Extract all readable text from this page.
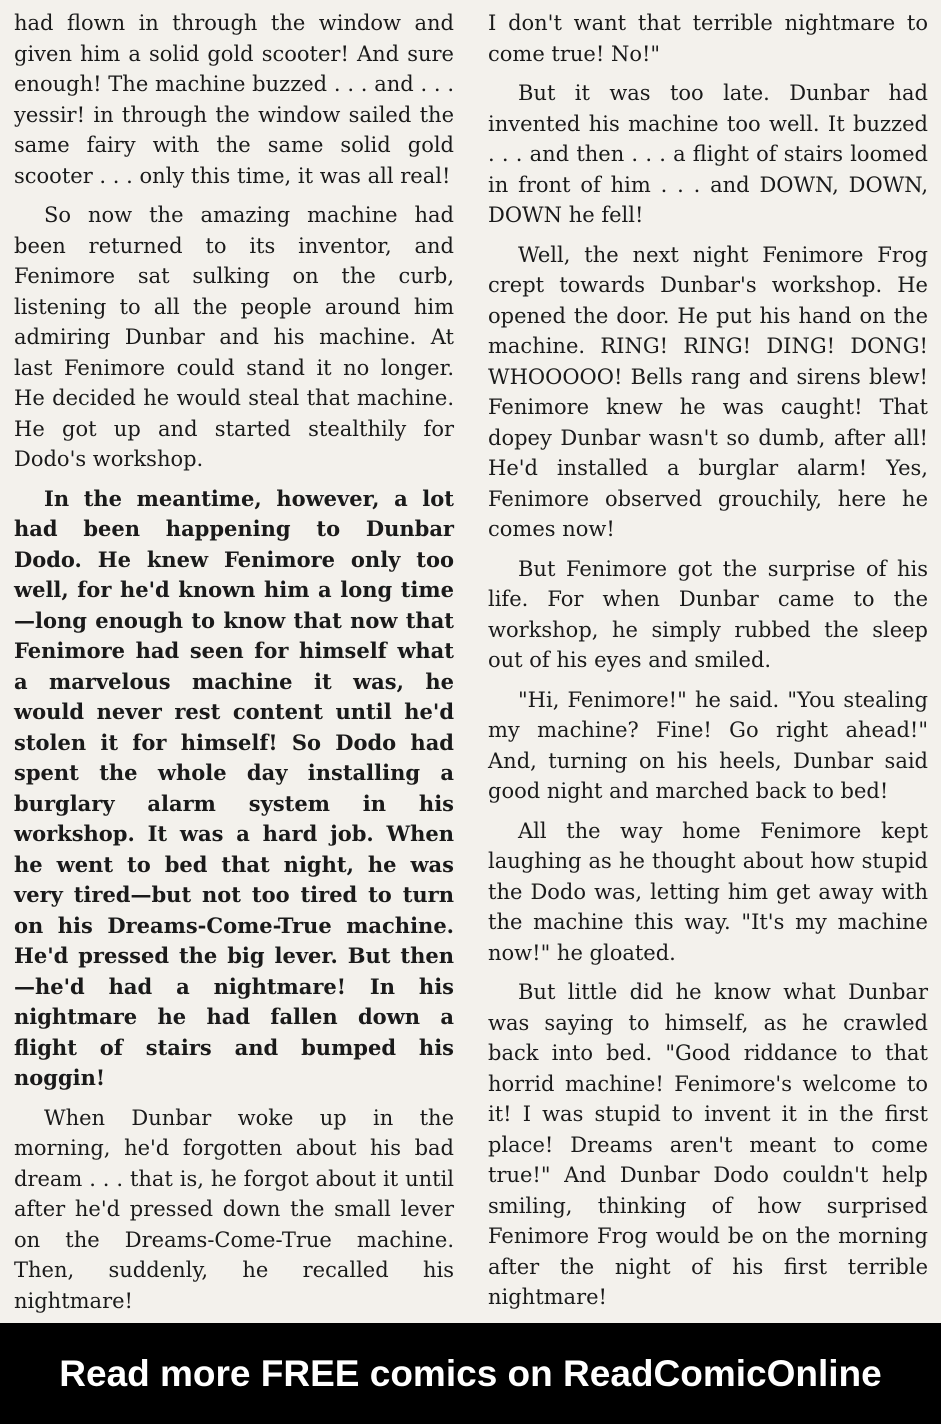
had flown in through the window and given him a solid gold scooter! And sure enough! The machine buzzed . . . and . . . yessir! in through the window sailed the same fairy with the same solid gold scooter . . . only this time, it was all real!

So now the amazing machine had been returned to its inventor, and Fenimore sat sulking on the curb, listening to all the people around him admiring Dunbar and his machine. At last Fenimore could stand it no longer. He decided he would steal that machine. He got up and started stealthily for Dodo's workshop.

In the meantime, however, a lot had been happening to Dunbar Dodo. He knew Fenimore only too well, for he'd known him a long time—long enough to know that now that Fenimore had seen for himself what a marvelous machine it was, he would never rest content until he'd stolen it for himself! So Dodo had spent the whole day installing a burglary alarm system in his workshop. It was a hard job. When he went to bed that night, he was very tired—but not too tired to turn on his Dreams-Come-True machine. He'd pressed the big lever. But then—he'd had a nightmare! In his nightmare he had fallen down a flight of stairs and bumped his noggin!

When Dunbar woke up in the morning, he'd forgotten about his bad dream . . . that is, he forgot about it until after he'd pressed down the small lever on the Dreams-Come-True machine. Then, suddenly, he recalled his nightmare!

I don't want that terrible nightmare to come true! No!"

But it was too late. Dunbar had invented his machine too well. It buzzed . . . and then . . . a flight of stairs loomed in front of him . . . and DOWN, DOWN, DOWN he fell!

Well, the next night Fenimore Frog crept towards Dunbar's workshop. He opened the door. He put his hand on the machine. RING! RING! DING! DONG! WHOOOOO! Bells rang and sirens blew! Fenimore knew he was caught! That dopey Dunbar wasn't so dumb, after all! He'd installed a burglar alarm! Yes, Fenimore observed grouchily, here he comes now!

But Fenimore got the surprise of his life. For when Dunbar came to the workshop, he simply rubbed the sleep out of his eyes and smiled.

"Hi, Fenimore!" he said. "You stealing my machine? Fine! Go right ahead!" And, turning on his heels, Dunbar said good night and marched back to bed!

All the way home Fenimore kept laughing as he thought about how stupid the Dodo was, letting him get away with the machine this way. "It's my machine now!" he gloated.

But little did he know what Dunbar was saying to himself, as he crawled back into bed. "Good riddance to that horrid machine! Fenimore's welcome to it! I was stupid to invent it in the first place! Dreams aren't meant to come true!" And Dunbar Dodo couldn't help smiling, thinking of how surprised Fenimore Frog would be on the morning after the night of his first terrible nightmare!

Read more FREE comics on ReadComicOnline
